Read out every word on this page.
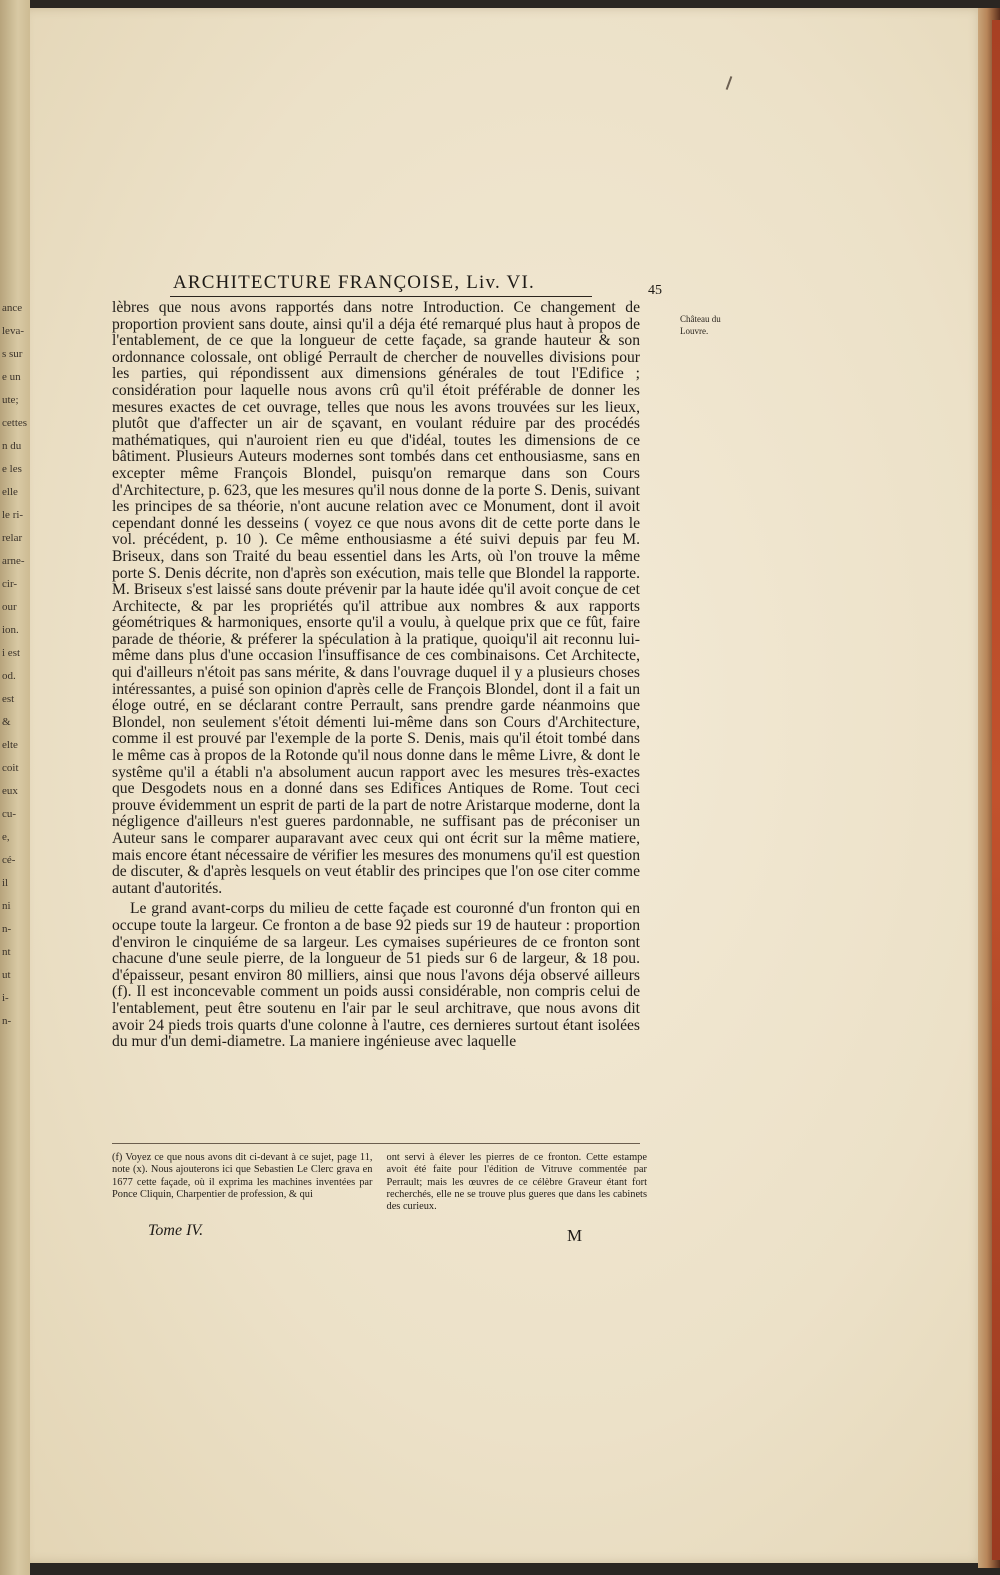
ance
leva-
s sur
e un
ute;
cettes
n du
e les
elle
le ri-
relar
arne-
cir-
our
ion.
i est
od.
est
&
elte
coit
eux
cu-
e,
cé-
il
ni
n-
nt
ut
i-
n-
ARCHITECTURE FRANÇOISE, Liv. VI.	45
Château du Louvre.

lèbres que nous avons rapportés dans notre Introduction. Ce changement de proportion provient sans doute, ainsi qu'il a déja été remarqué plus haut à propos de l'entablement, de ce que la longueur de cette façade, sa grande hauteur & son ordonnance colossale, ont obligé Perrault de chercher de nouvelles divisions pour les parties, qui répondissent aux dimensions générales de tout l'Edifice ; considération pour laquelle nous avons crû qu'il étoit préférable de donner les mesures exactes de cet ouvrage, telles que nous les avons trouvées sur les lieux, plutôt que d'affecter un air de sçavant, en voulant réduire par des procédés mathématiques, qui n'auroient rien eu que d'idéal, toutes les dimensions de ce bâtiment. Plusieurs Auteurs modernes sont tombés dans cet enthousiasme, sans en excepter même François Blondel, puisqu'on remarque dans son Cours d'Architecture, p. 623, que les mesures qu'il nous donne de la porte S. Denis, suivant les principes de sa théorie, n'ont aucune relation avec ce Monument, dont il avoit cependant donné les desseins ( voyez ce que nous avons dit de cette porte dans le vol. précédent, p. 10 ). Ce même enthousiasme a été suivi depuis par feu M. Briseux, dans son Traité du beau essentiel dans les Arts, où l'on trouve la même porte S. Denis décrite, non d'après son exécution, mais telle que Blondel la rapporte. M. Briseux s'est laissé sans doute prévenir par la haute idée qu'il avoit conçue de cet Architecte, & par les propriétés qu'il attribue aux nombres & aux rapports géométriques & harmoniques, ensorte qu'il a voulu, à quelque prix que ce fût, faire parade de théorie, & préferer la spéculation à la pratique, quoiqu'il ait reconnu lui-même dans plus d'une occasion l'insuffisance de ces combinaisons. Cet Architecte, qui d'ailleurs n'étoit pas sans mérite, & dans l'ouvrage duquel il y a plusieurs choses intéressantes, a puisé son opinion d'après celle de François Blondel, dont il a fait un éloge outré, en se déclarant contre Perrault, sans prendre garde néanmoins que Blondel, non seulement s'étoit démenti lui-même dans son Cours d'Architecture, comme il est prouvé par l'exemple de la porte S. Denis, mais qu'il étoit tombé dans le même cas à propos de la Rotonde qu'il nous donne dans le même Livre, & dont le systême qu'il a établi n'a absolument aucun rapport avec les mesures très-exactes que Desgodets nous en a donné dans ses Edifices Antiques de Rome. Tout ceci prouve évidemment un esprit de parti de la part de notre Aristarque moderne, dont la négligence d'ailleurs n'est gueres pardonnable, ne suffisant pas de préconiser un Auteur sans le comparer auparavant avec ceux qui ont écrit sur la même matiere, mais encore étant nécessaire de vérifier les mesures des monumens qu'il est question de discuter, & d'après lesquels on veut établir des principes que l'on ose citer comme autant d'autorités.

Le grand avant-corps du milieu de cette façade est couronné d'un fronton qui en occupe toute la largeur. Ce fronton a de base 92 pieds sur 19 de hauteur : proportion d'environ le cinquiéme de sa largeur. Les cymaises supérieures de ce fronton sont chacune d'une seule pierre, de la longueur de 51 pieds sur 6 de largeur, & 18 pou. d'épaisseur, pesant environ 80 milliers, ainsi que nous l'avons déja observé ailleurs (f). Il est inconcevable comment un poids aussi considérable, non compris celui de l'entablement, peut être soutenu en l'air par le seul architrave, que nous avons dit avoir 24 pieds trois quarts d'une colonne à l'autre, ces dernieres surtout étant isolées du mur d'un demi-diametre. La maniere ingénieuse avec laquelle

(f) Voyez ce que nous avons dit ci-devant à ce sujet, page 11, note (x). Nous ajouterons ici que Sebastien Le Clerc grava en 1677 cette façade, où il exprima les machines inventées par Ponce Cliquin, Charpentier de profession, & qui

ont servi à élever les pierres de ce fronton. Cette estampe avoit été faite pour l'édition de Vitruve commentée par Perrault; mais les œuvres de ce célèbre Graveur étant fort recherchés, elle ne se trouve plus gueres que dans les cabinets des curieux.

Tome IV.	M
